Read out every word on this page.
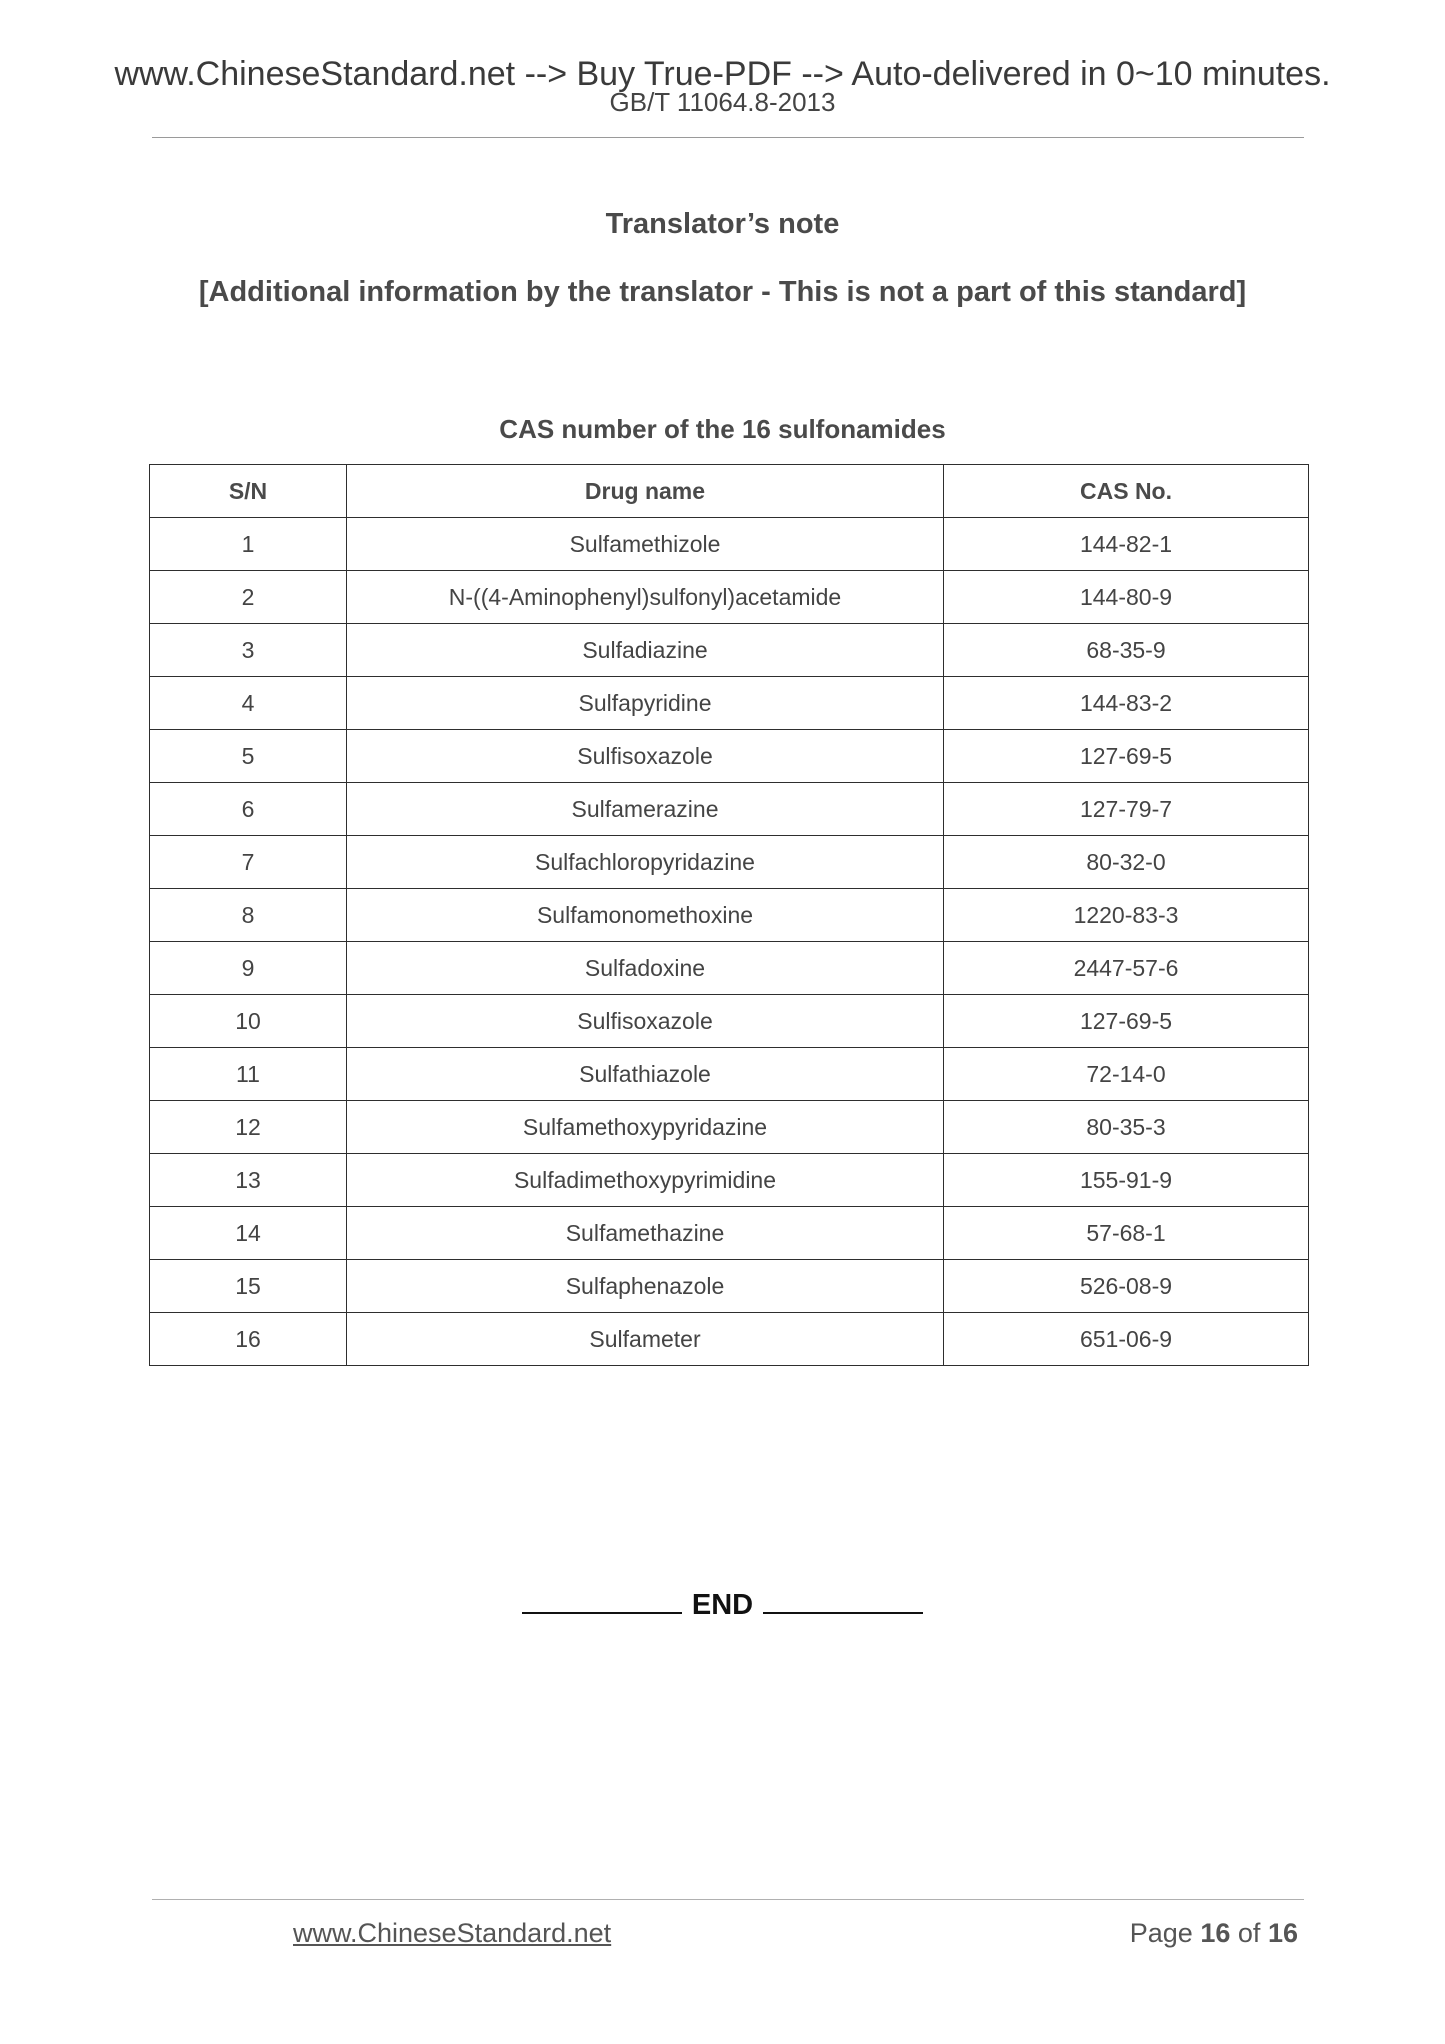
www.ChineseStandard.net --> Buy True-PDF --> Auto-delivered in 0~10 minutes.
GB/T 11064.8-2013
Translator’s note
[Additional information by the translator - This is not a part of this standard]
CAS number of the 16 sulfonamides
S/N	Drug name	CAS No.
1	Sulfamethizole	144-82-1
2	N-((4-Aminophenyl)sulfonyl)acetamide	144-80-9
3	Sulfadiazine	68-35-9
4	Sulfapyridine	144-83-2
5	Sulfisoxazole	127-69-5
6	Sulfamerazine	127-79-7
7	Sulfachloropyridazine	80-32-0
8	Sulfamonomethoxine	1220-83-3
9	Sulfadoxine	2447-57-6
10	Sulfisoxazole	127-69-5
11	Sulfathiazole	72-14-0
12	Sulfamethoxypyridazine	80-35-3
13	Sulfadimethoxypyrimidine	155-91-9
14	Sulfamethazine	57-68-1
15	Sulfaphenazole	526-08-9
16	Sulfameter	651-06-9
END
www.ChineseStandard.net	Page 16 of 16
